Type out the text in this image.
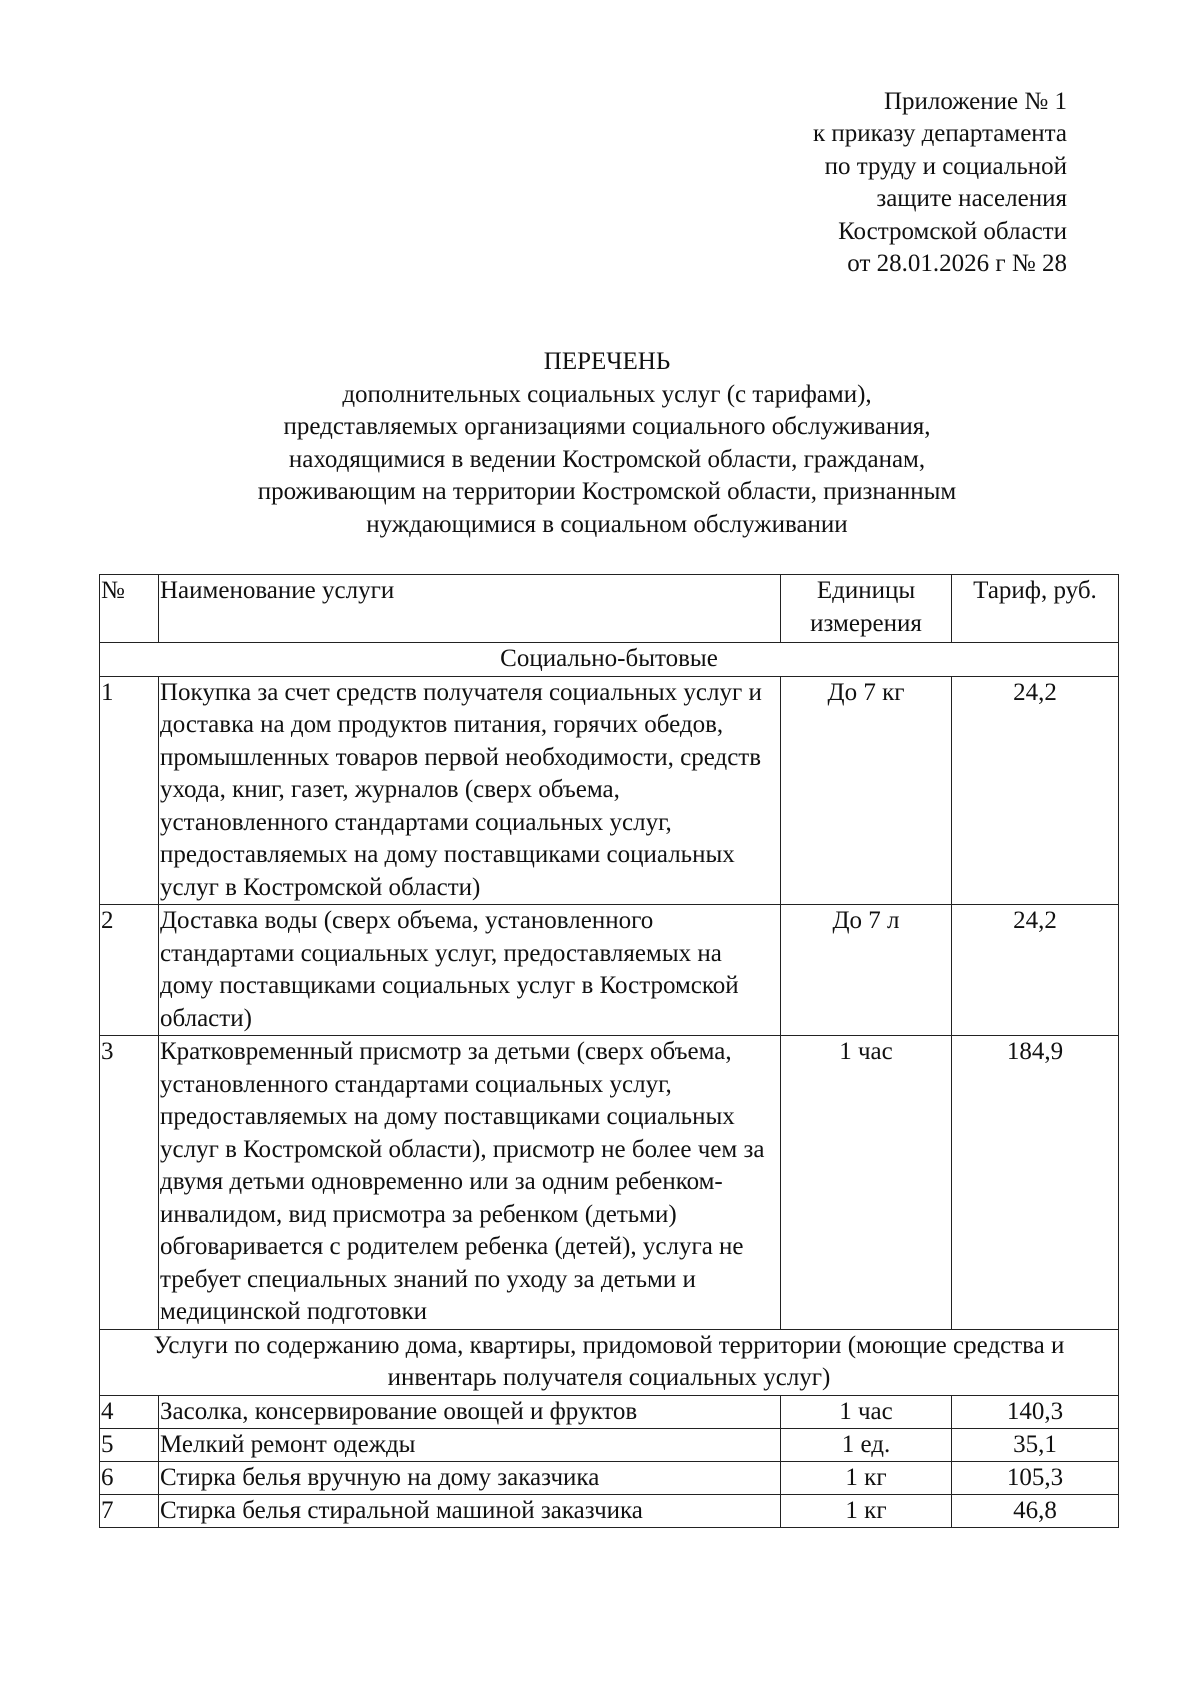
Приложение № 1
к приказу департамента
по труду и социальной
защите населения
Костромской области
от 28.01.2026 г № 28
ПЕРЕЧЕНЬ
дополнительных социальных услуг (с тарифами),
представляемых организациями социального обслуживания,
находящимися в ведении Костромской области, гражданам,
проживающим на территории Костромской области, признанным
нуждающимися в социальном обслуживании
№	Наименование услуги	Единицы измерения	Тариф, руб.
Социально-бытовые			
1	Покупка за счет средств получателя социальных услуг и доставка на дом продуктов питания, горячих обедов, промышленных товаров первой необходимости, средств ухода, книг, газет, журналов (сверх объема, установленного стандартами социальных услуг, предоставляемых на дому поставщиками социальных услуг в Костромской области)	До 7 кг	24,2
2	Доставка воды (сверх объема, установленного стандартами социальных услуг, предоставляемых на дому поставщиками социальных услуг в Костромской области)	До 7 л	24,2
3	Кратковременный присмотр за детьми (сверх объема, установленного стандартами социальных услуг, предоставляемых на дому поставщиками социальных услуг в Костромской области), присмотр не более чем за двумя детьми одновременно или за одним ребенком-инвалидом, вид присмотра за ребенком (детьми) обговаривается с родителем ребенка (детей), услуга не требует специальных знаний по уходу за детьми и медицинской подготовки	1 час	184,9
Услуги по содержанию дома, квартиры, придомовой территории (моющие средства и инвентарь получателя социальных услуг)			
4	Засолка, консервирование овощей и фруктов	1 час	140,3
5	Мелкий ремонт одежды	1 ед.	35,1
6	Стирка белья вручную на дому заказчика	1 кг	105,3
7	Стирка белья стиральной машиной заказчика	1 кг	46,8
